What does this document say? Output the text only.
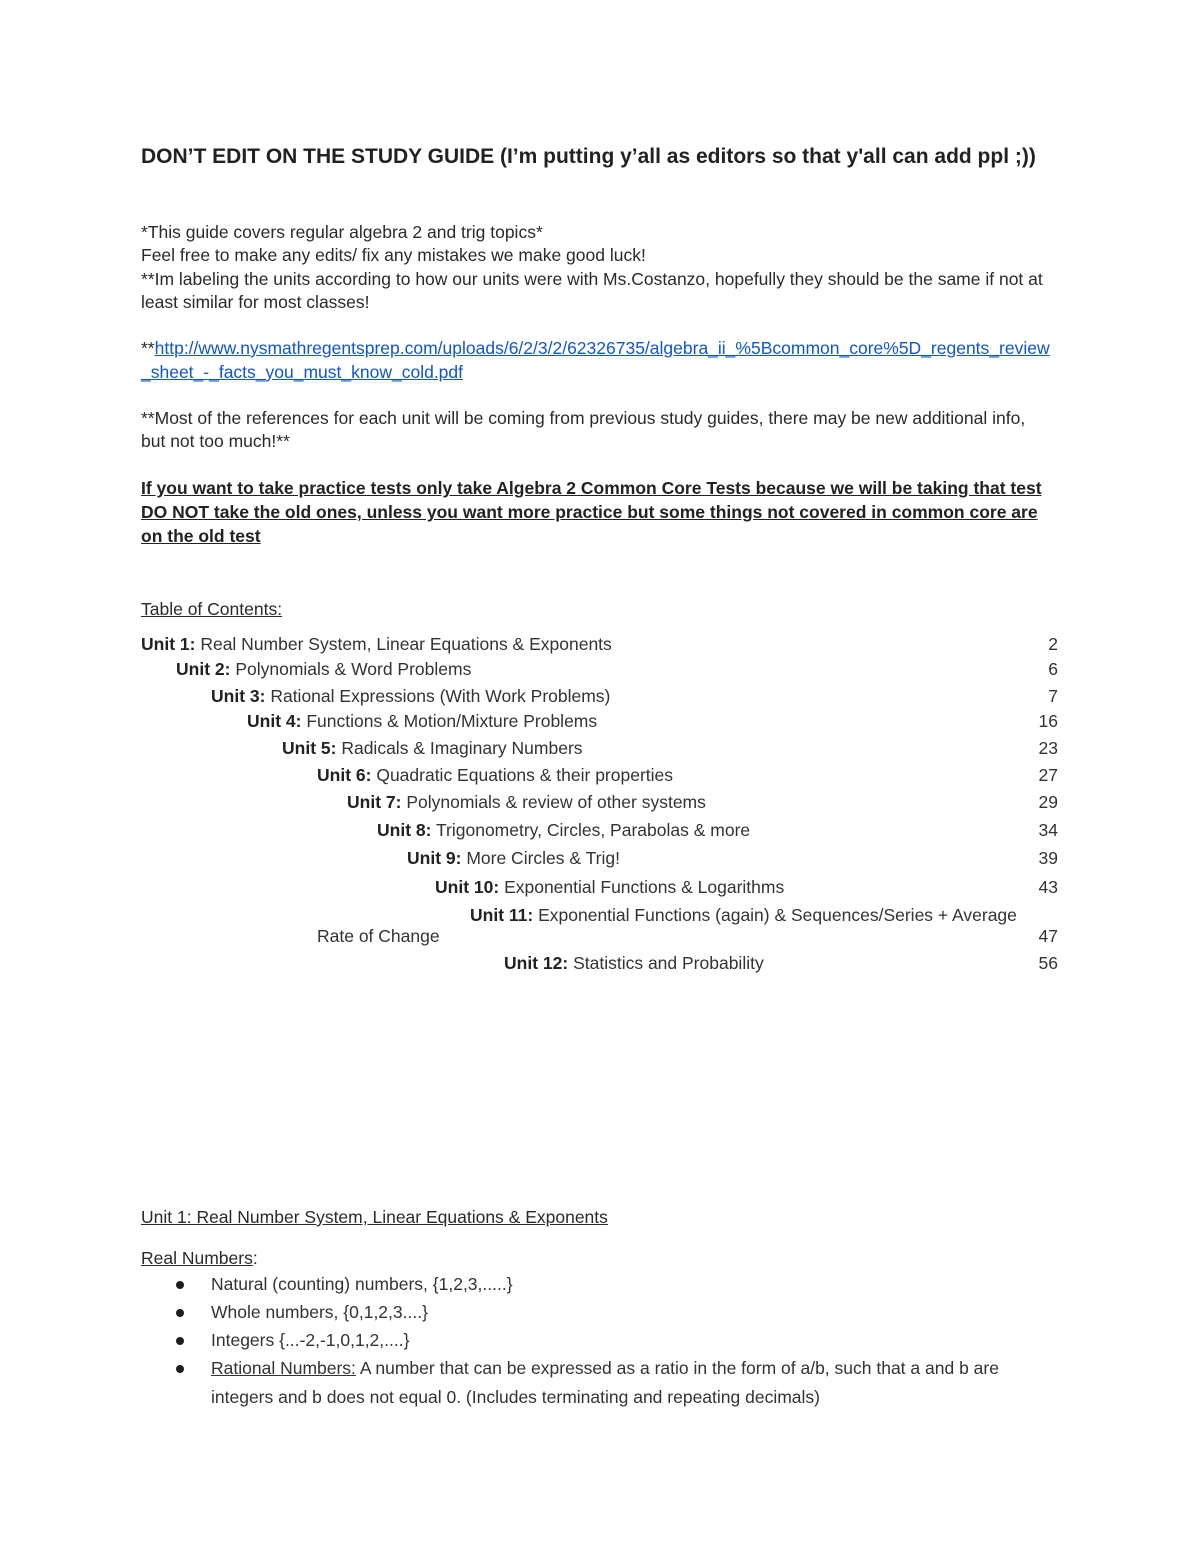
DON’T EDIT ON THE STUDY GUIDE (I’m putting y’all as editors so that y'all can add ppl ;))
*This guide covers regular algebra 2 and trig topics*
Feel free to make any edits/ fix any mistakes we make good luck!
**Im labeling the units according to how our units were with Ms.Costanzo, hopefully they should be the same if not at
least similar for most classes!
**http://www.nysmathregentsprep.com/uploads/6/2/3/2/62326735/algebra_ii_%5Bcommon_core%5D_regents_review
_sheet_-_facts_you_must_know_cold.pdf
**Most of the references for each unit will be coming from previous study guides, there may be new additional info,
but not too much!**
If you want to take practice tests only take Algebra 2 Common Core Tests because we will be taking that test
DO NOT take the old ones, unless you want more practice but some things not covered in common core are
on the old test
Table of Contents:
Unit 1: Real Number System, Linear Equations & Exponents	2
Unit 2: Polynomials & Word Problems	6
Unit 3: Rational Expressions (With Work Problems)	7
Unit 4: Functions & Motion/Mixture Problems	16
Unit 5: Radicals & Imaginary Numbers	23
Unit 6: Quadratic Equations & their properties	27
Unit 7: Polynomials & review of other systems	29
Unit 8: Trigonometry, Circles, Parabolas & more	34
Unit 9: More Circles & Trig!	39
Unit 10: Exponential Functions & Logarithms	43
Unit 11: Exponential Functions (again) & Sequences/Series + Average
Rate of Change	47
Unit 12: Statistics and Probability	56
Unit 1: Real Number System, Linear Equations & Exponents
Real Numbers:
Natural (counting) numbers, {1,2,3,.....}
Whole numbers, {0,1,2,3....}
Integers {...-2,-1,0,1,2,....}
Rational Numbers: A number that can be expressed as a ratio in the form of a/b, such that a and b are
integers and b does not equal 0. (Includes terminating and repeating decimals)
